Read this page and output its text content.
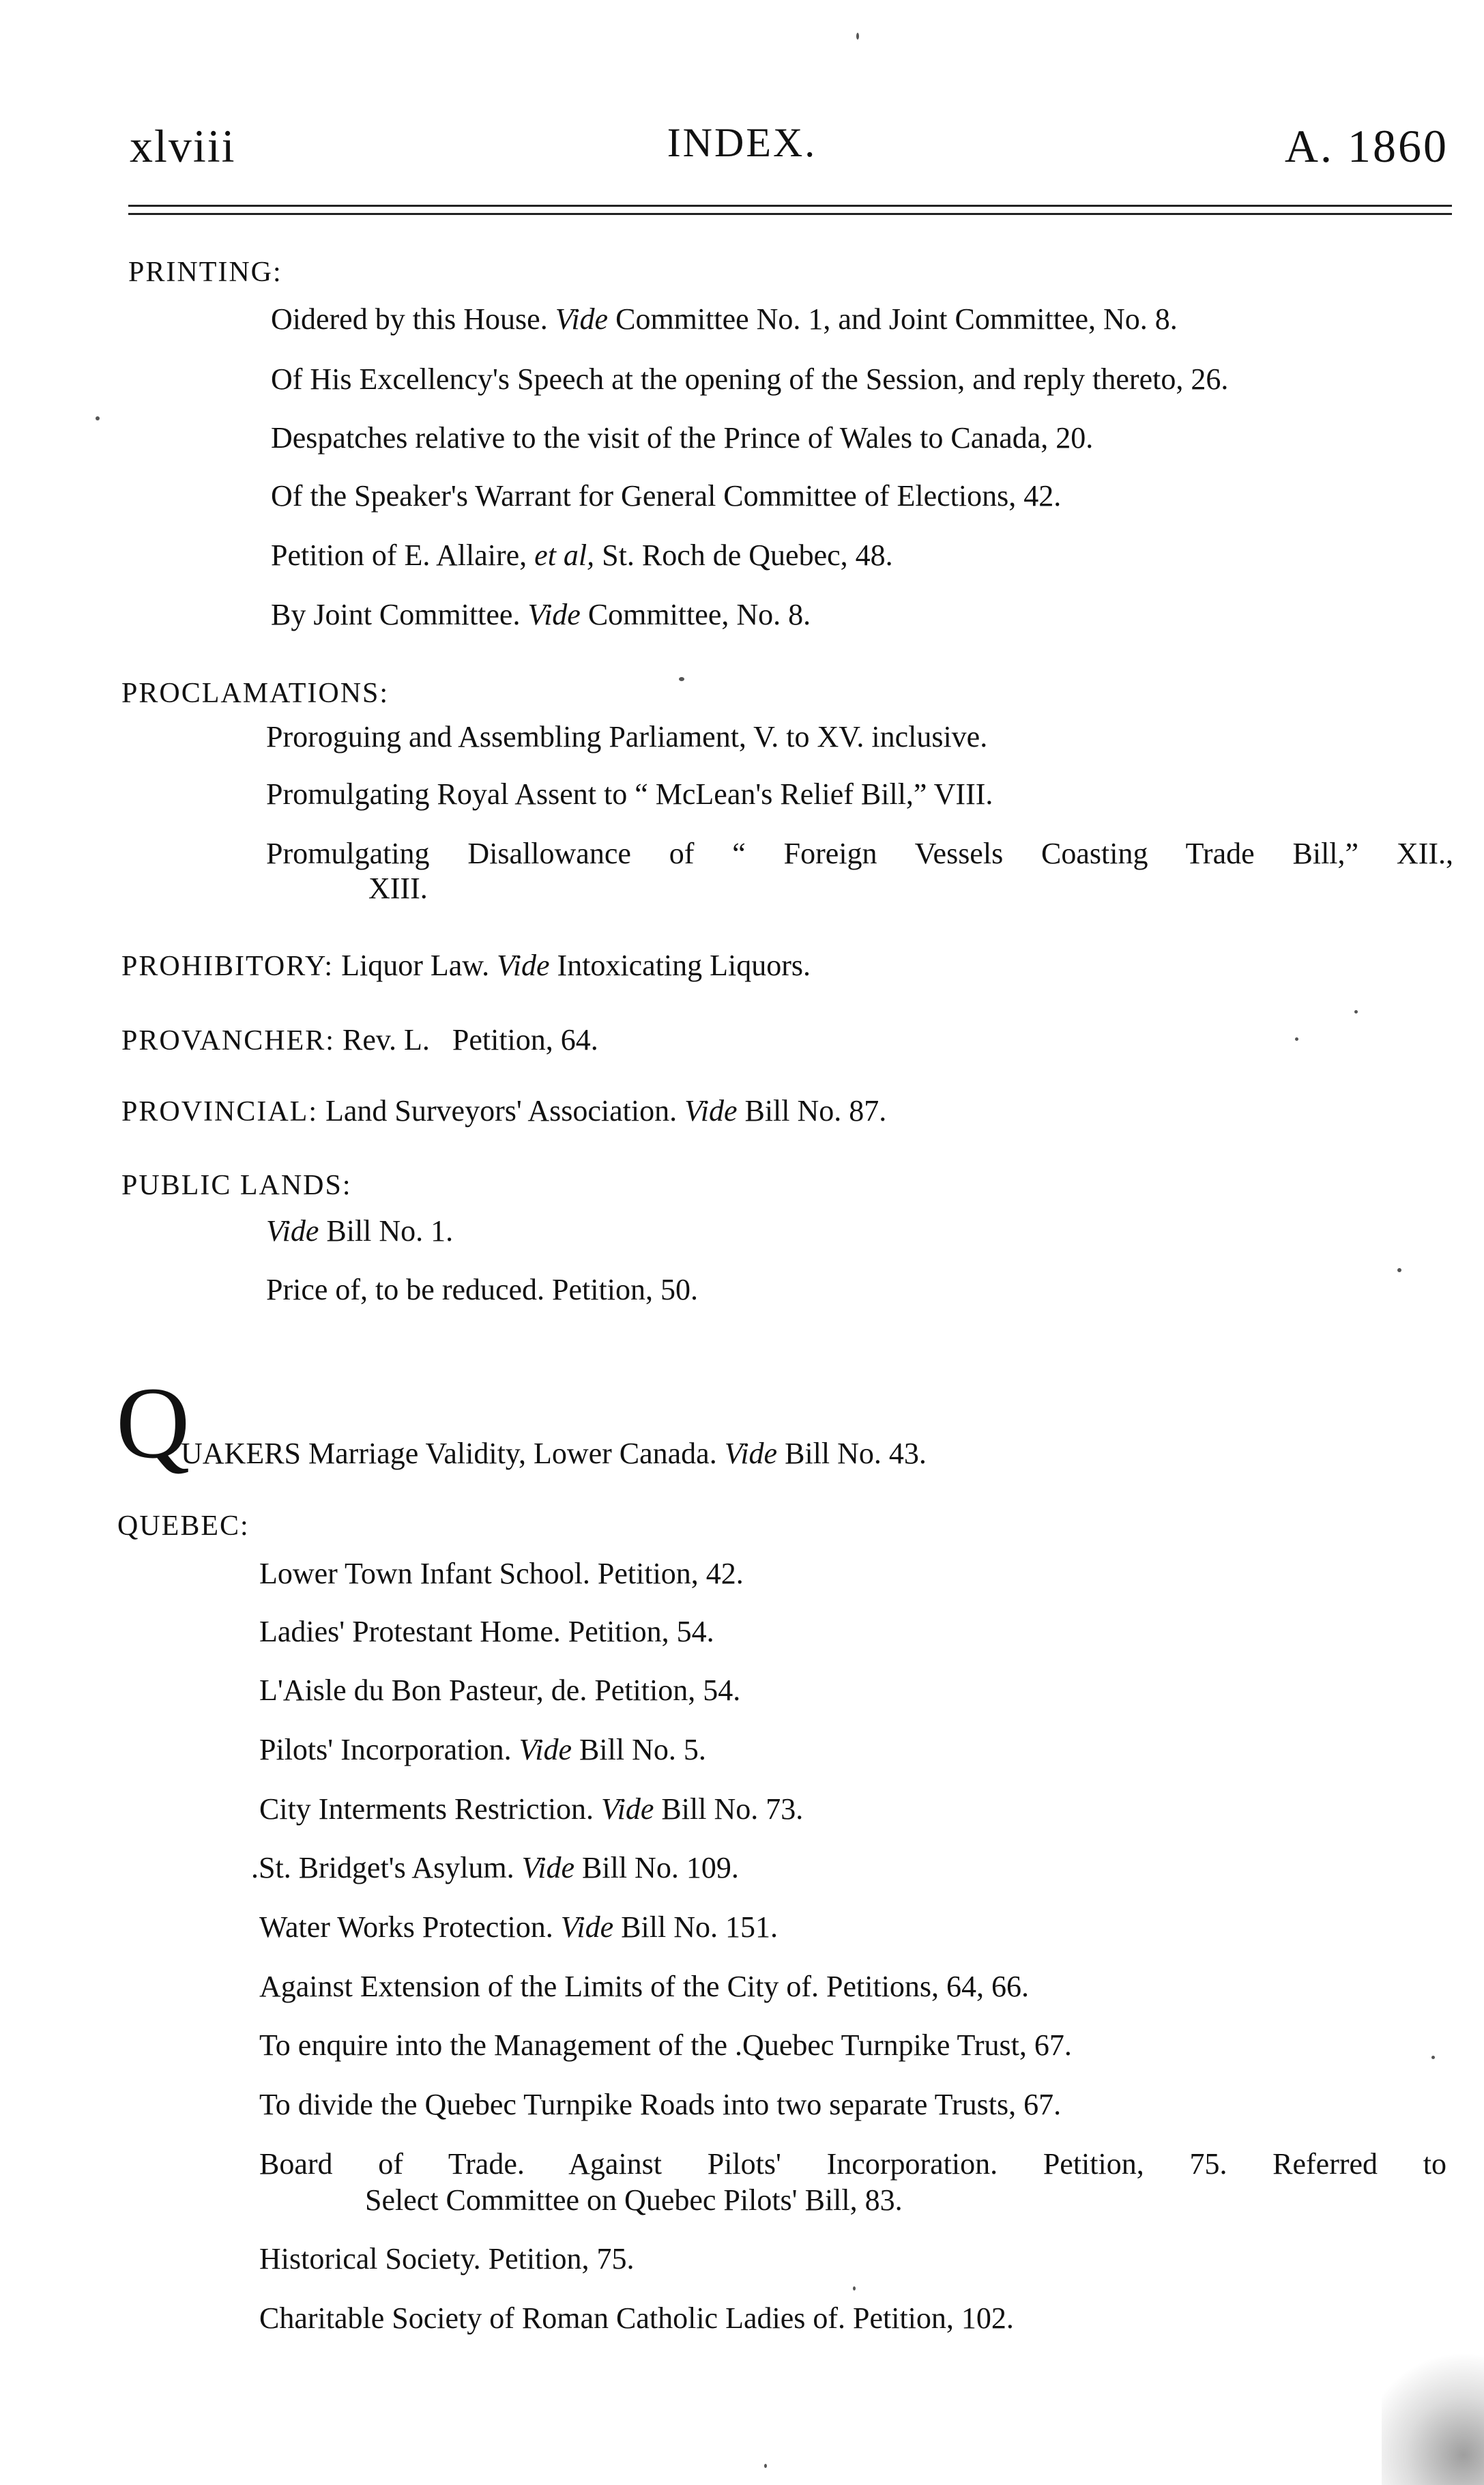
xlviii	INDEX.	A. 1860
PRINTING:
Oidered by this House. Vide Committee No. 1, and Joint Committee, No. 8.
Of His Excellency's Speech at the opening of the Session, and reply thereto, 26.
Despatches relative to the visit of the Prince of Wales to Canada, 20.
Of the Speaker's Warrant for General Committee of Elections, 42.
Petition of E. Allaire, et al, St. Roch de Quebec, 48.
By Joint Committee. Vide Committee, No. 8.
PROCLAMATIONS:
Proroguing and Assembling Parliament, V. to XV. inclusive.
Promulgating Royal Assent to “ McLean's Relief Bill,” VIII.
Promulgating Disallowance of “ Foreign Vessels Coasting Trade Bill,” XII.,
XIII.
PROHIBITORY: Liquor Law. Vide Intoxicating Liquors.
PROVANCHER: Rev. L.   Petition, 64.
PROVINCIAL: Land Surveyors' Association. Vide Bill No. 87.
PUBLIC LANDS:
Vide Bill No. 1.
Price of, to be reduced. Petition, 50.
Q
UAKERS Marriage Validity, Lower Canada. Vide Bill No. 43.
QUEBEC:
Lower Town Infant School. Petition, 42.
Ladies' Protestant Home. Petition, 54.
L'Aisle du Bon Pasteur, de. Petition, 54.
Pilots' Incorporation. Vide Bill No. 5.
City Interments Restriction. Vide Bill No. 73.
.St. Bridget's Asylum. Vide Bill No. 109.
Water Works Protection. Vide Bill No. 151.
Against Extension of the Limits of the City of. Petitions, 64, 66.
To enquire into the Management of the .Quebec Turnpike Trust, 67.
To divide the Quebec Turnpike Roads into two separate Trusts, 67.
Board of Trade. Against Pilots' Incorporation. Petition, 75. Referred to
Select Committee on Quebec Pilots' Bill, 83.
Historical Society. Petition, 75.
Charitable Society of Roman Catholic Ladies of. Petition, 102.
